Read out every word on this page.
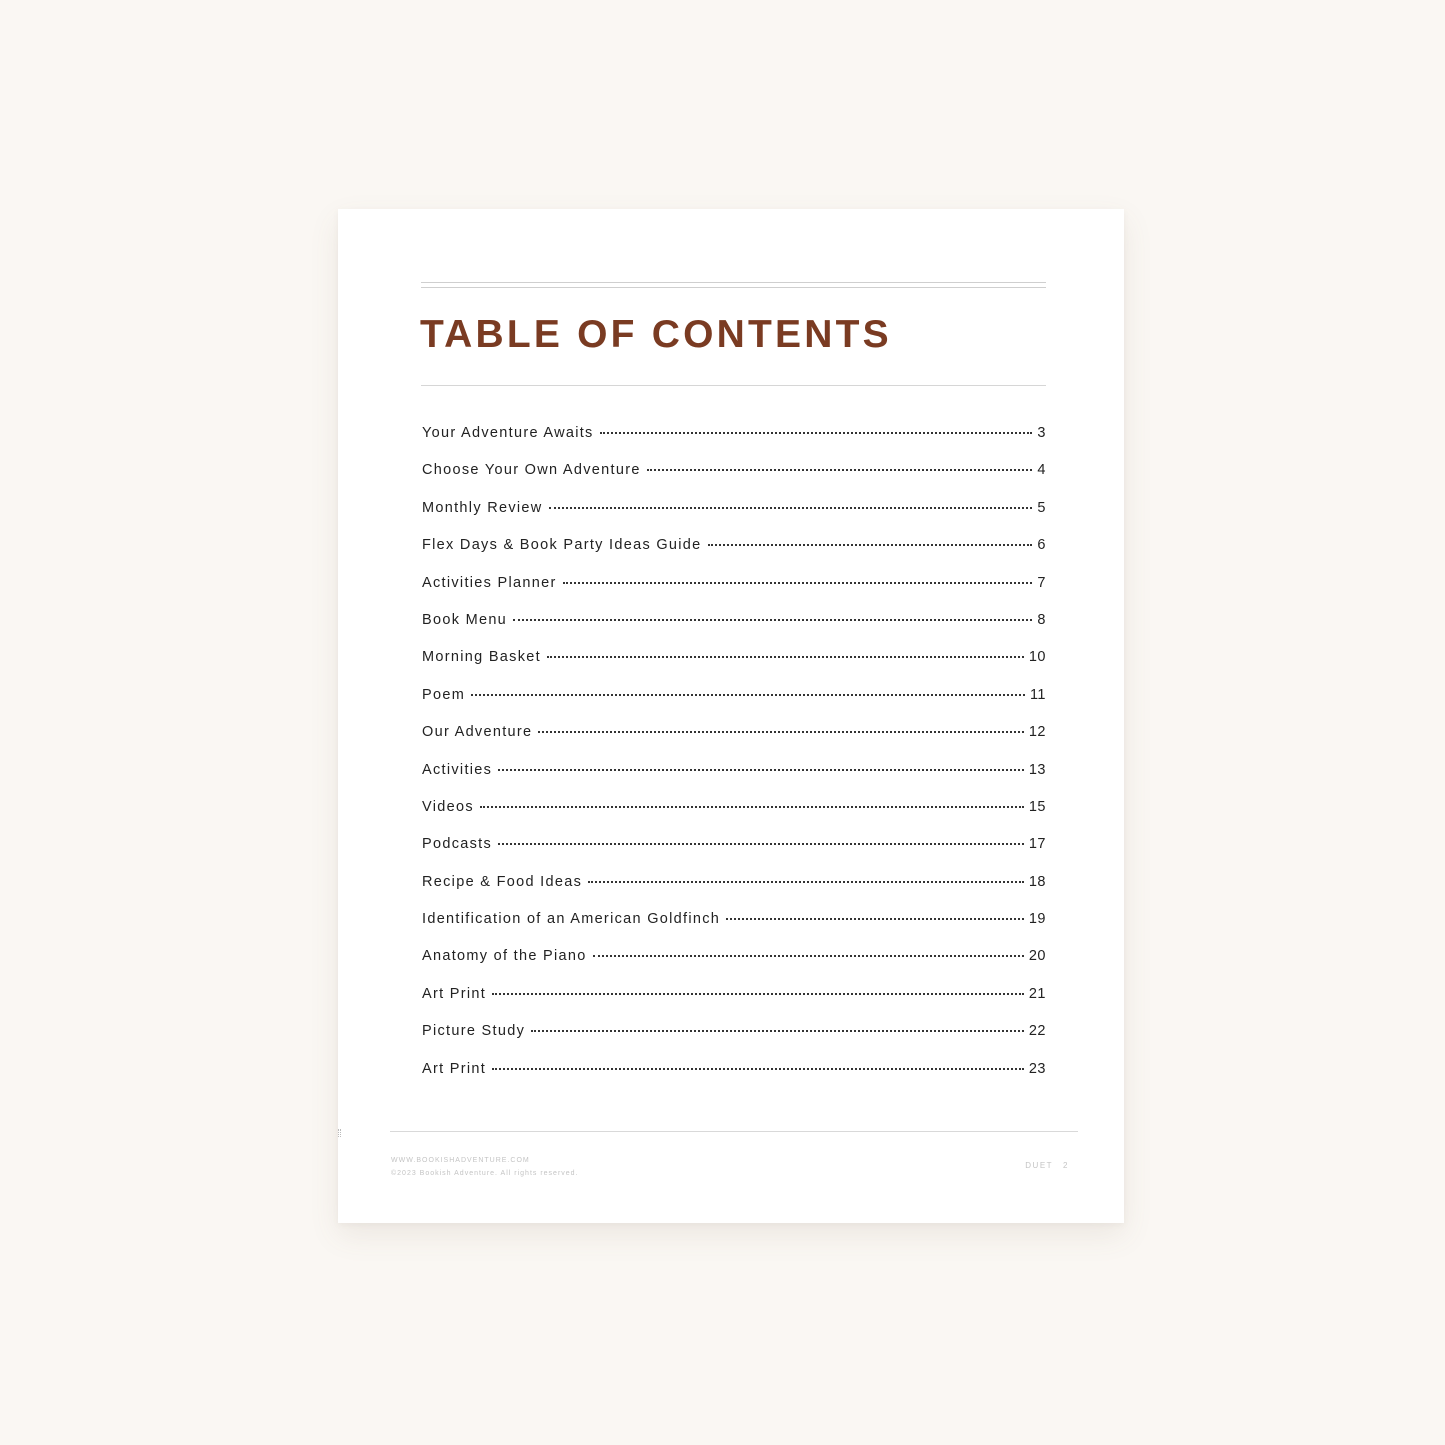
TABLE OF CONTENTS
Your Adventure Awaits	3
Choose Your Own Adventure	4
Monthly Review	5
Flex Days & Book Party Ideas Guide	6
Activities Planner	7
Book Menu	8
Morning Basket	10
Poem	11
Our Adventure	12
Activities	13
Videos	15
Podcasts	17
Recipe & Food Ideas	18
Identification of an American Goldfinch	19
Anatomy of the Piano	20
Art Print	21
Picture Study	22
Art Print	23
WWW.BOOKISHADVENTURE.COM
©2023 Bookish Adventure. All rights reserved.
DUET 2
